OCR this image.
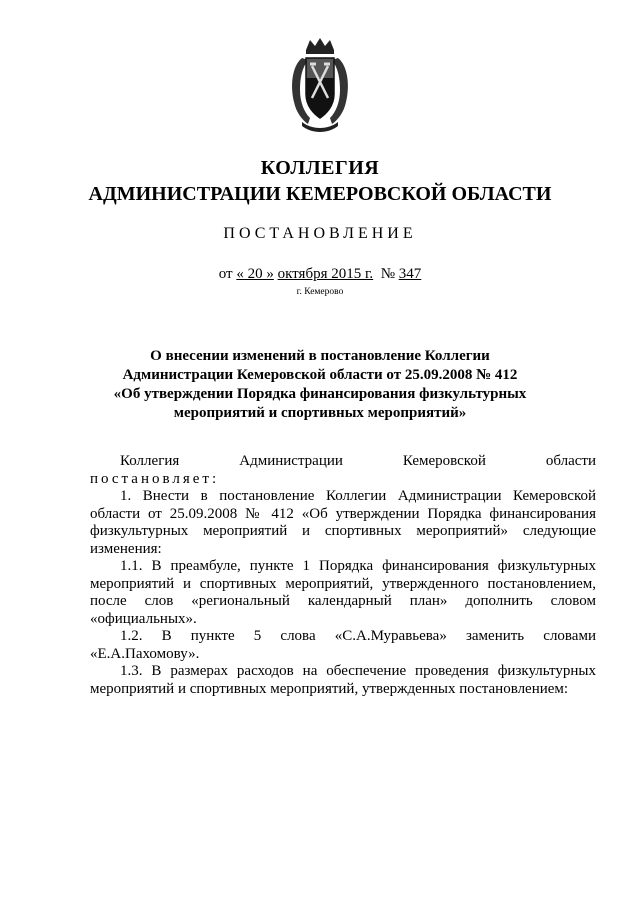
КОЛЛЕГИЯ
АДМИНИСТРАЦИИ КЕМЕРОВСКОЙ ОБЛАСТИ
ПОСТАНОВЛЕНИЕ
от « 20 » октября 2015 г. № 347
г. Кемерово
О внесении изменений в постановление Коллегии Администрации Кемеровской области от 25.09.2008 № 412 «Об утверждении Порядка финансирования физкультурных мероприятий и спортивных мероприятий»

Коллегия	Администрации	Кемеровской	области

постановляет:

1. Внести в постановление Коллегии Администрации Кемеровской области от 25.09.2008 № 412 «Об утверждении Порядка финансирования физкультурных мероприятий и спортивных мероприятий» следующие изменения:

1.1. В преамбуле, пункте 1 Порядка финансирования физкультурных мероприятий и спортивных мероприятий, утвержденного постановлением, после слов «региональный календарный план» дополнить словом «официальных».

1.2. В пункте 5 слова «С.А.Муравьева» заменить словами «Е.А.Пахомову».

1.3. В размерах расходов на обеспечение проведения физкультурных мероприятий и спортивных мероприятий, утвержденных постановлением:
